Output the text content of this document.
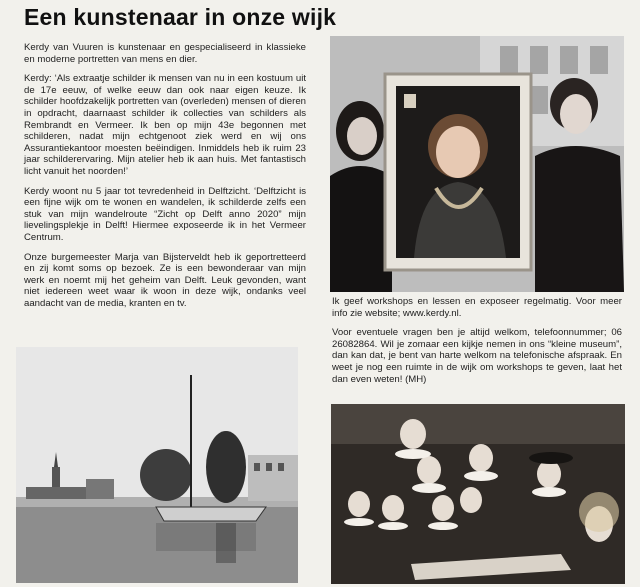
Een kunstenaar in onze wijk

Kerdy van Vuuren is kunstenaar en gespecialiseerd in klassieke en moderne portretten van mens en dier.

Kerdy: ‘Als extraatje schilder ik mensen van nu in een kostuum uit de 17e eeuw, of welke eeuw dan ook naar eigen keuze. Ik schilder hoofdzakelijk portretten van (overleden) mensen of dieren in opdracht, daarnaast schilder ik collecties van schilders als Rembrandt en Vermeer. Ik ben op mijn 43e begonnen met schilderen, nadat mijn echtgenoot ziek werd en wij ons Assurantiekantoor moesten beëindigen. Inmiddels heb ik ruim 23 jaar schilderervaring. Mijn atelier heb ik aan huis. Met fantastisch licht vanuit het noorden!’

Kerdy woont nu 5 jaar tot tevredenheid in Delftzicht. ‘Delftzicht is een fijne wijk om te wonen en wandelen, ik schilderde zelfs een stuk van mijn wandelroute “Zicht op Delft anno 2020” mijn lievelingsplekje in Delft! Hiermee exposeerde ik in het Vermeer Centrum.

Onze burgemeester Marja van Bijsterveldt heb ik geportretteerd en zij komt soms op bezoek. Ze is een bewonderaar van mijn werk en noemt mij het geheim van Delft. Leuk gevonden, want niet iedereen weet waar ik woon in deze wijk, ondanks veel aandacht van de media, kranten en tv.	Ik geef workshops en lessen en exposeer regelmatig. Voor meer info zie website; www.kerdy.nl.

Voor eventuele vragen ben je altijd welkom, telefoonnummer; 06 26082864. Wil je zomaar een kijkje nemen in ons “kleine museum”, dan kan dat, je bent van harte welkom na telefonische afspraak. En weet je nog een ruimte in de wijk om workshops te geven, laat het dan even weten! (MH)
